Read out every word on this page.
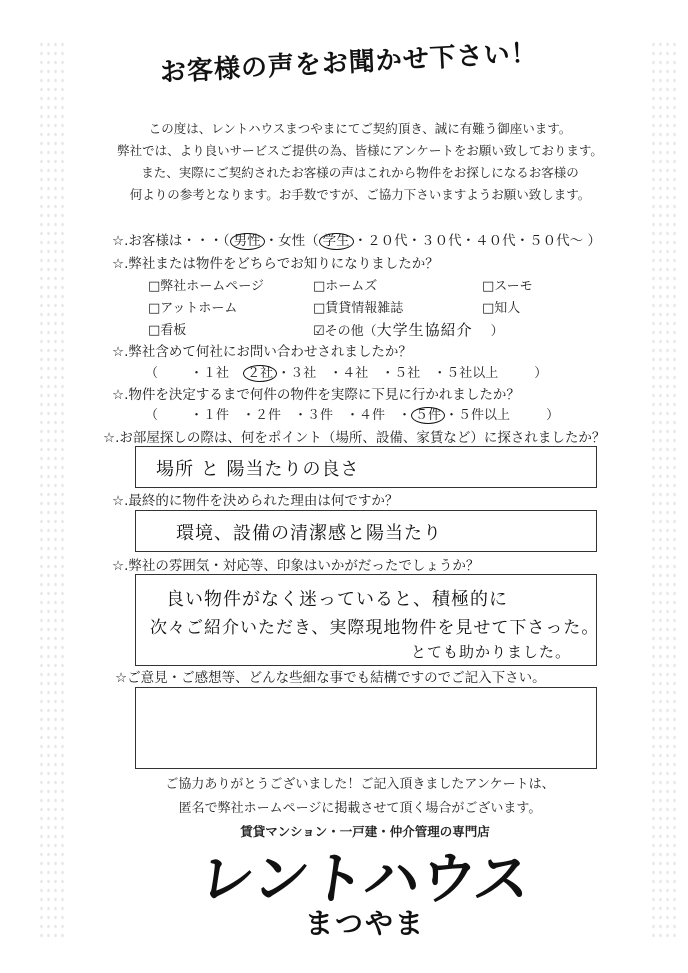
お客様の声をお聞かせ下さい！
この度は、レントハウスまつやまにてご契約頂き、誠に有難う御座います。
弊社では、より良いサービスご提供の為、皆様にアンケートをお願い致しております。
また、実際にご契約されたお客様の声はこれから物件をお探しになるお客様の
何よりの参考となります。お手数ですが、ご協力下さいますようお願い致します。
☆.お客様は・・・（ 男性 ・女性（ 学生 ・２０代・３０代・４０代・５０代～ ）
☆.弊社または物件をどちらでお知りになりましたか？
□弊社ホームページ	□ホームズ	□スーモ
□アットホーム	□賃貸情報雑誌	□知人
□看板	☑その他（大学生協紹介 ）
☆.弊社含めて何社にお問い合わせされましたか？
（ ・１社 ２社 ・３社　・４社　・５社　・５社以上	）
☆.物件を決定するまで何件の物件を実際に下見に行かれましたか？
（ ・１件　・２件　・３件　・４件　・ ５件 ・５件以上	）
☆.お部屋探しの際は、何をポイント（場所、設備、家賃など）に探されましたか？
場所 と 陽当たりの良さ
☆.最終的に物件を決められた理由は何ですか？
環境、設備の清潔感と陽当たり
☆.弊社の雰囲気・対応等、印象はいかがだったでしょうか？
良い物件がなく迷っていると、積極的に
次々ご紹介いただき、実際現地物件を見せて下さった。
とても助かりました。
☆ご意見・ご感想等、どんな些細な事でも結構ですのでご記入下さい。
ご協力ありがとうございました！ご記入頂きましたアンケートは、
匿名で弊社ホームページに掲載させて頂く場合がございます。
賃貸マンション・一戸建・仲介管理の専門店
レントハウス
まつやま
